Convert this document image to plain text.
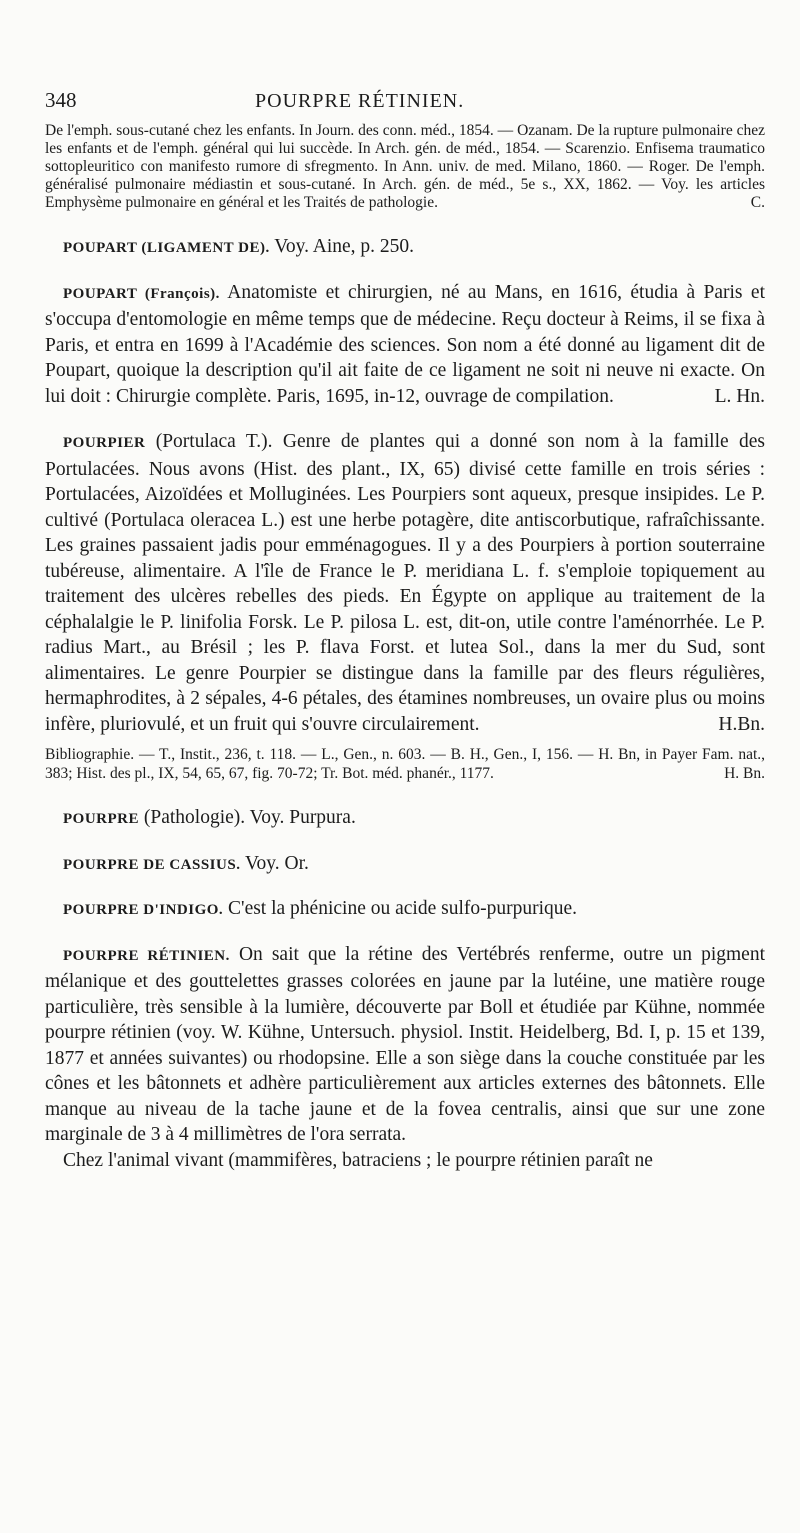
348	POURPRE RÉTINIEN.

De l'emph. sous-cutané chez les enfants. In Journ. des conn. méd., 1854. — Ozanam. De la rupture pulmonaire chez les enfants et de l'emph. général qui lui succède. In Arch. gén. de méd., 1854. — Scarenzio. Enfisema traumatico sottopleuritico con manifesto rumore di sfregmento. In Ann. univ. de med. Milano, 1860. — Roger. De l'emph. généralisé pulmonaire médiastin et sous-cutané. In Arch. gén. de méd., 5e s., XX, 1862. — Voy. les articles Emphysème pulmonaire en général et les Traités de pathologie.	C.

POUPART (LIGAMENT DE). Voy. Aine, p. 250.

POUPART (François). Anatomiste et chirurgien, né au Mans, en 1616, étudia à Paris et s'occupa d'entomologie en même temps que de médecine. Reçu docteur à Reims, il se fixa à Paris, et entra en 1699 à l'Académie des sciences. Son nom a été donné au ligament dit de Poupart, quoique la description qu'il ait faite de ce ligament ne soit ni neuve ni exacte. On lui doit : Chirurgie complète. Paris, 1695, in-12, ouvrage de compilation.	L. Hn.

POURPIER (Portulaca T.). Genre de plantes qui a donné son nom à la famille des Portulacées. Nous avons (Hist. des plant., IX, 65) divisé cette famille en trois séries : Portulacées, Aizoïdées et Molluginées. Les Pourpiers sont aqueux, presque insipides. Le P. cultivé (Portulaca oleracea L.) est une herbe potagère, dite antiscorbutique, rafraîchissante. Les graines passaient jadis pour emménagogues. Il y a des Pourpiers à portion souterraine tubéreuse, alimentaire. A l'île de France le P. meridiana L. f. s'emploie topiquement au traitement des ulcères rebelles des pieds. En Égypte on applique au traitement de la céphalalgie le P. linifolia Forsk. Le P. pilosa L. est, dit-on, utile contre l'aménorrhée. Le P. radius Mart., au Brésil ; les P. flava Forst. et lutea Sol., dans la mer du Sud, sont alimentaires. Le genre Pourpier se distingue dans la famille par des fleurs régulières, hermaphrodites, à 2 sépales, 4-6 pétales, des étamines nombreuses, un ovaire plus ou moins infère, pluriovulé, et un fruit qui s'ouvre circulairement.	H.Bn.

Bibliographie. — T., Instit., 236, t. 118. — L., Gen., n. 603. — B. H., Gen., I, 156. — H. Bn, in Payer Fam. nat., 383; Hist. des pl., IX, 54, 65, 67, fig. 70-72; Tr. Bot. méd. phanér., 1177.	H. Bn.

POURPRE (Pathologie). Voy. Purpura.

POURPRE DE CASSIUS. Voy. Or.

POURPRE D'INDIGO. C'est la phénicine ou acide sulfo-purpurique.

POURPRE RÉTINIEN. On sait que la rétine des Vertébrés renferme, outre un pigment mélanique et des gouttelettes grasses colorées en jaune par la lutéine, une matière rouge particulière, très sensible à la lumière, découverte par Boll et étudiée par Kühne, nommée pourpre rétinien (voy. W. Kühne, Untersuch. physiol. Instit. Heidelberg, Bd. I, p. 15 et 139, 1877 et années suivantes) ou rhodopsine. Elle a son siège dans la couche constituée par les cônes et les bâtonnets et adhère particulièrement aux articles externes des bâtonnets. Elle manque au niveau de la tache jaune et de la fovea centralis, ainsi que sur une zone marginale de 3 à 4 millimètres de l'ora serrata.

Chez l'animal vivant (mammifères, batraciens ; le pourpre rétinien paraît ne
